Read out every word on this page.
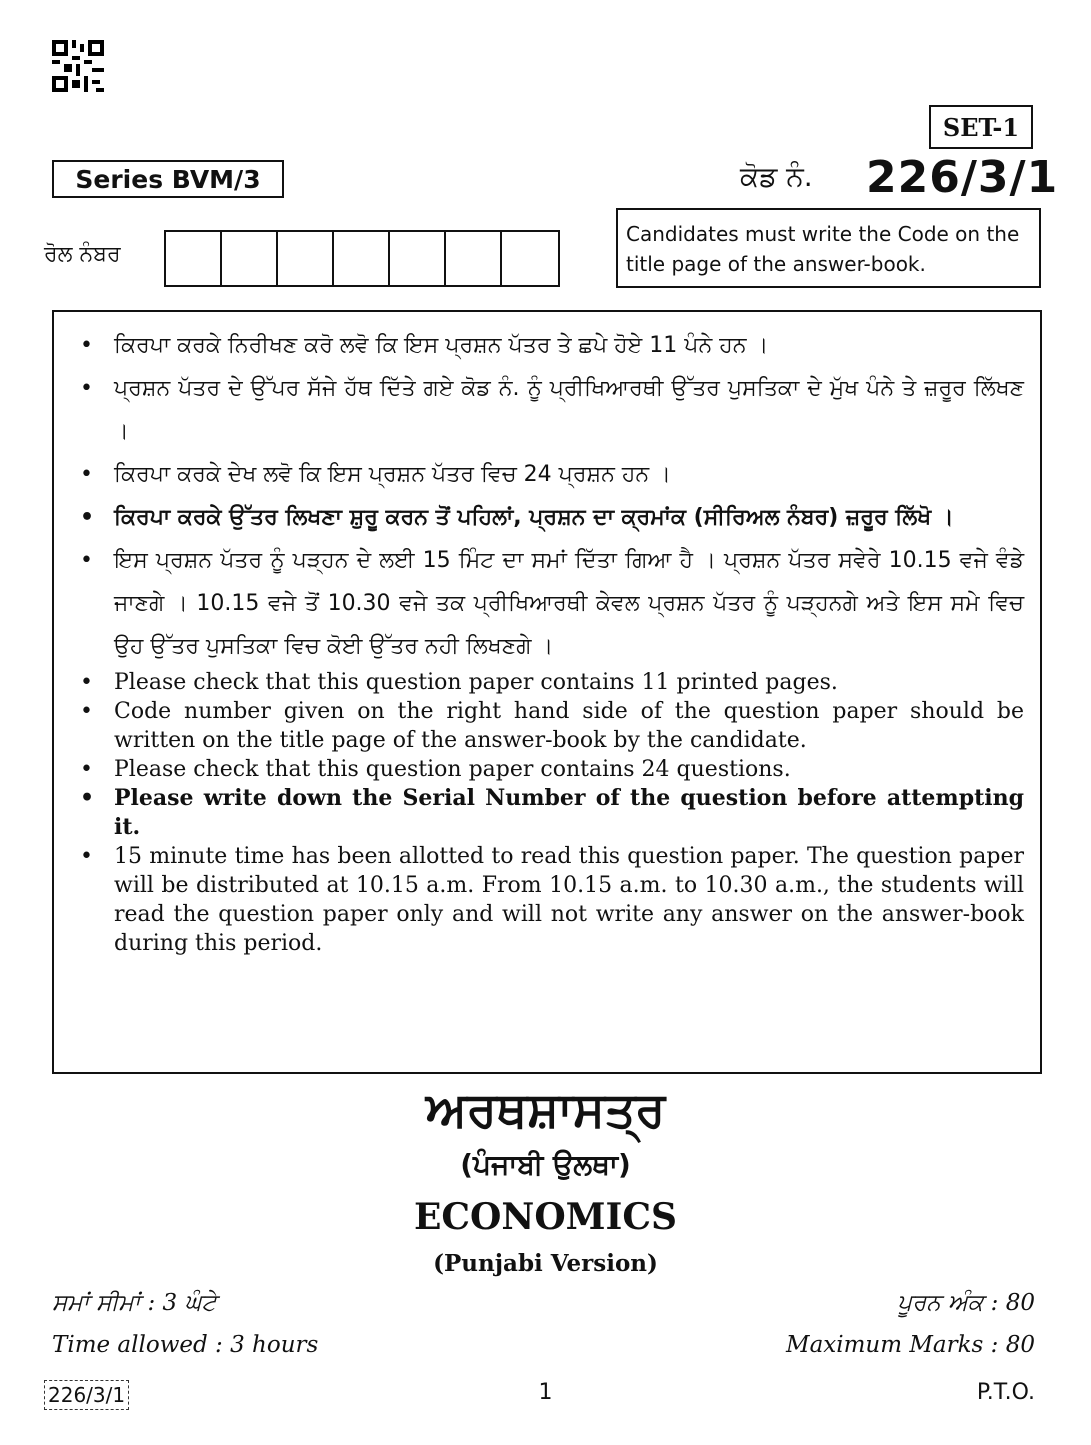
SET-1
Series BVM/3	ਕੋਡ ਨੰ. 226/3/1
ਰੋਲ ਨੰਬਰ
Candidates must write the Code on the title page of the answer-book.
• ਕਿਰਪਾ ਕਰਕੇ ਨਿਰੀਖਣ ਕਰੋ ਲਵੋ ਕਿ ਇਸ ਪ੍ਰਸ਼ਨ ਪੱਤਰ ਤੇ ਛਪੇ ਹੋਏ 11 ਪੰਨੇ ਹਨ ।
• ਪ੍ਰਸ਼ਨ ਪੱਤਰ ਦੇ ਉੱਪਰ ਸੱਜੇ ਹੱਥ ਦਿੱਤੇ ਗਏ ਕੋਡ ਨੰ. ਨੂੰ ਪ੍ਰੀਖਿਆਰਥੀ ਉੱਤਰ ਪੁਸਤਿਕਾ ਦੇ ਮੁੱਖ ਪੰਨੇ ਤੇ ਜ਼ਰੂਰ ਲਿੱਖਣ ।
• ਕਿਰਪਾ ਕਰਕੇ ਦੇਖ ਲਵੋ ਕਿ ਇਸ ਪ੍ਰਸ਼ਨ ਪੱਤਰ ਵਿਚ 24 ਪ੍ਰਸ਼ਨ ਹਨ ।
• ਕਿਰਪਾ ਕਰਕੇ ਉੱਤਰ ਲਿਖਣਾ ਸ਼ੁਰੂ ਕਰਨ ਤੋਂ ਪਹਿਲਾਂ, ਪ੍ਰਸ਼ਨ ਦਾ ਕ੍ਰਮਾਂਕ (ਸੀਰਿਅਲ ਨੰਬਰ) ਜ਼ਰੂਰ ਲਿੱਖੋ ।
• ਇਸ ਪ੍ਰਸ਼ਨ ਪੱਤਰ ਨੂੰ ਪੜ੍ਹਨ ਦੇ ਲਈ 15 ਮਿੰਟ ਦਾ ਸਮਾਂ ਦਿੱਤਾ ਗਿਆ ਹੈ । ਪ੍ਰਸ਼ਨ ਪੱਤਰ ਸਵੇਰੇ 10.15 ਵਜੇ ਵੰਡੇ ਜਾਣਗੇ । 10.15 ਵਜੇ ਤੋਂ 10.30 ਵਜੇ ਤਕ ਪ੍ਰੀਖਿਆਰਥੀ ਕੇਵਲ ਪ੍ਰਸ਼ਨ ਪੱਤਰ ਨੂੰ ਪੜ੍ਹਨਗੇ ਅਤੇ ਇਸ ਸਮੇ ਵਿਚ ਉਹ ਉੱਤਰ ਪੁਸਤਿਕਾ ਵਿਚ ਕੋਈ ਉੱਤਰ ਨਹੀ ਲਿਖਣਗੇ ।
• Please check that this question paper contains 11 printed pages.
• Code number given on the right hand side of the question paper should be written on the title page of the answer-book by the candidate.
• Please check that this question paper contains 24 questions.
• Please write down the Serial Number of the question before attempting it.
• 15 minute time has been allotted to read this question paper. The question paper will be distributed at 10.15 a.m. From 10.15 a.m. to 10.30 a.m., the students will read the question paper only and will not write any answer on the answer-book during this period.
ਅਰਥਸ਼ਾਸਤ੍ਰ
(ਪੰਜਾਬੀ ਉਲਥਾ)
ECONOMICS
(Punjabi Version)
ਸਮਾਂ ਸੀਮਾਂ : 3 ਘੰਟੇ	ਪੂਰਨ ਅੰਕ : 80
Time allowed : 3 hours	Maximum Marks : 80
226/3/1	1	P.T.O.
